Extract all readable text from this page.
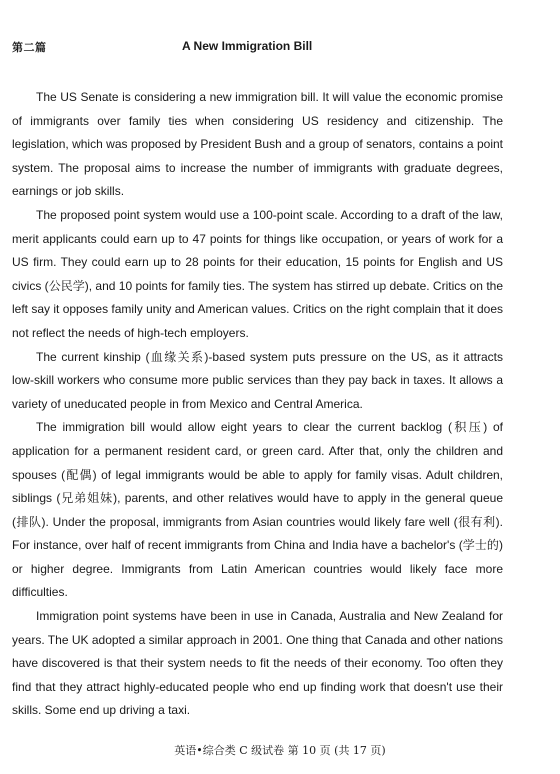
第二篇	A New Immigration Bill

The US Senate is considering a new immigration bill. It will value the economic promise of immigrants over family ties when considering US residency and citizenship. The legislation, which was proposed by President Bush and a group of senators, contains a point system. The proposal aims to increase the number of immigrants with graduate degrees, earnings or job skills.

The proposed point system would use a 100-point scale. According to a draft of the law, merit applicants could earn up to 47 points for things like occupation, or years of work for a US firm. They could earn up to 28 points for their education, 15 points for English and US civics (公民学), and 10 points for family ties. The system has stirred up debate. Critics on the left say it opposes family unity and American values. Critics on the right complain that it does not reflect the needs of high-tech employers.

The current kinship (血缘关系)-based system puts pressure on the US, as it attracts low-skill workers who consume more public services than they pay back in taxes. It allows a variety of uneducated people in from Mexico and Central America.

The immigration bill would allow eight years to clear the current backlog (积压) of application for a permanent resident card, or green card. After that, only the children and spouses (配偶) of legal immigrants would be able to apply for family visas. Adult children, siblings (兄弟姐妹), parents, and other relatives would have to apply in the general queue (排队). Under the proposal, immigrants from Asian countries would likely fare well (很有利). For instance, over half of recent immigrants from China and India have a bachelor's (学士的) or higher degree. Immigrants from Latin American countries would likely face more difficulties.

Immigration point systems have been in use in Canada, Australia and New Zealand for years. The UK adopted a similar approach in 2001. One thing that Canada and other nations have discovered is that their system needs to fit the needs of their economy. Too often they find that they attract highly-educated people who end up finding work that doesn't use their skills. Some end up driving a taxi.

英语•综合类 C 级试卷 第 10 页 (共 17 页)
